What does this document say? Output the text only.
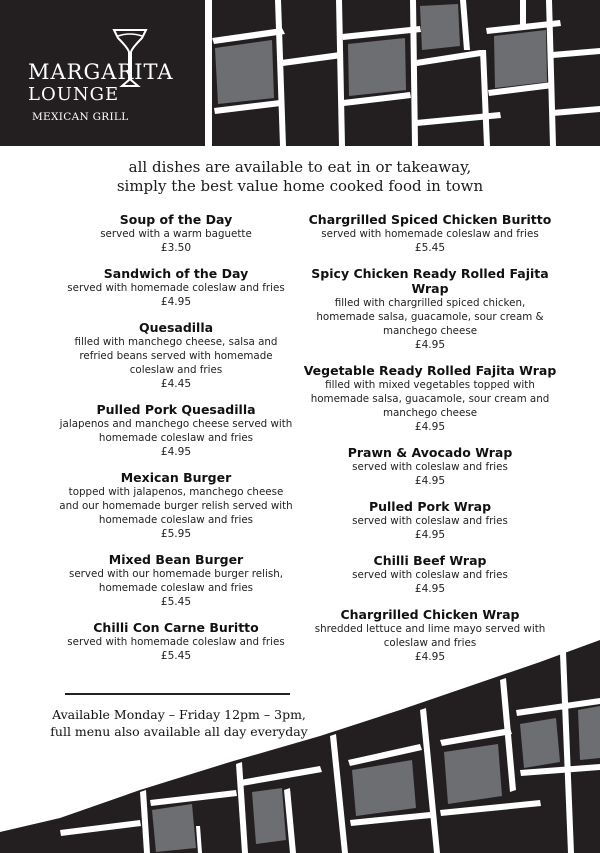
MARGARITA
LOUNGE
MEXICAN GRILL
all dishes are available to eat in or takeaway,
simply the best value home cooked food in town
Soup of the Day
served with a warm baguette
£3.50
Sandwich of the Day
served with homemade coleslaw and fries
£4.95
Quesadilla
filled with manchego cheese, salsa and
refried beans served with homemade
coleslaw and fries
£4.45
Pulled Pork Quesadilla
jalapenos and manchego cheese served with
homemade coleslaw and fries
£4.95
Mexican Burger
topped with jalapenos, manchego cheese
and our homemade burger relish served with
homemade coleslaw and fries
£5.95
Mixed Bean Burger
served with our homemade burger relish,
homemade coleslaw and fries
£5.45
Chilli Con Carne Buritto
served with homemade coleslaw and fries
£5.45
Chargrilled Spiced Chicken Buritto
served with homemade coleslaw and fries
£5.45
Spicy Chicken Ready Rolled Fajita Wrap
filled with chargrilled spiced chicken,
homemade salsa, guacamole, sour cream &
manchego cheese
£4.95
Vegetable Ready Rolled Fajita Wrap
filled with mixed vegetables topped with
homemade salsa, guacamole, sour cream and
manchego cheese
£4.95
Prawn & Avocado Wrap
served with coleslaw and fries
£4.95
Pulled Pork Wrap
served with coleslaw and fries
£4.95
Chilli Beef Wrap
served with coleslaw and fries
£4.95
Chargrilled Chicken Wrap
shredded lettuce and lime mayo served with
coleslaw and fries
£4.95
Available Monday – Friday 12pm – 3pm,
full menu also available all day everyday
